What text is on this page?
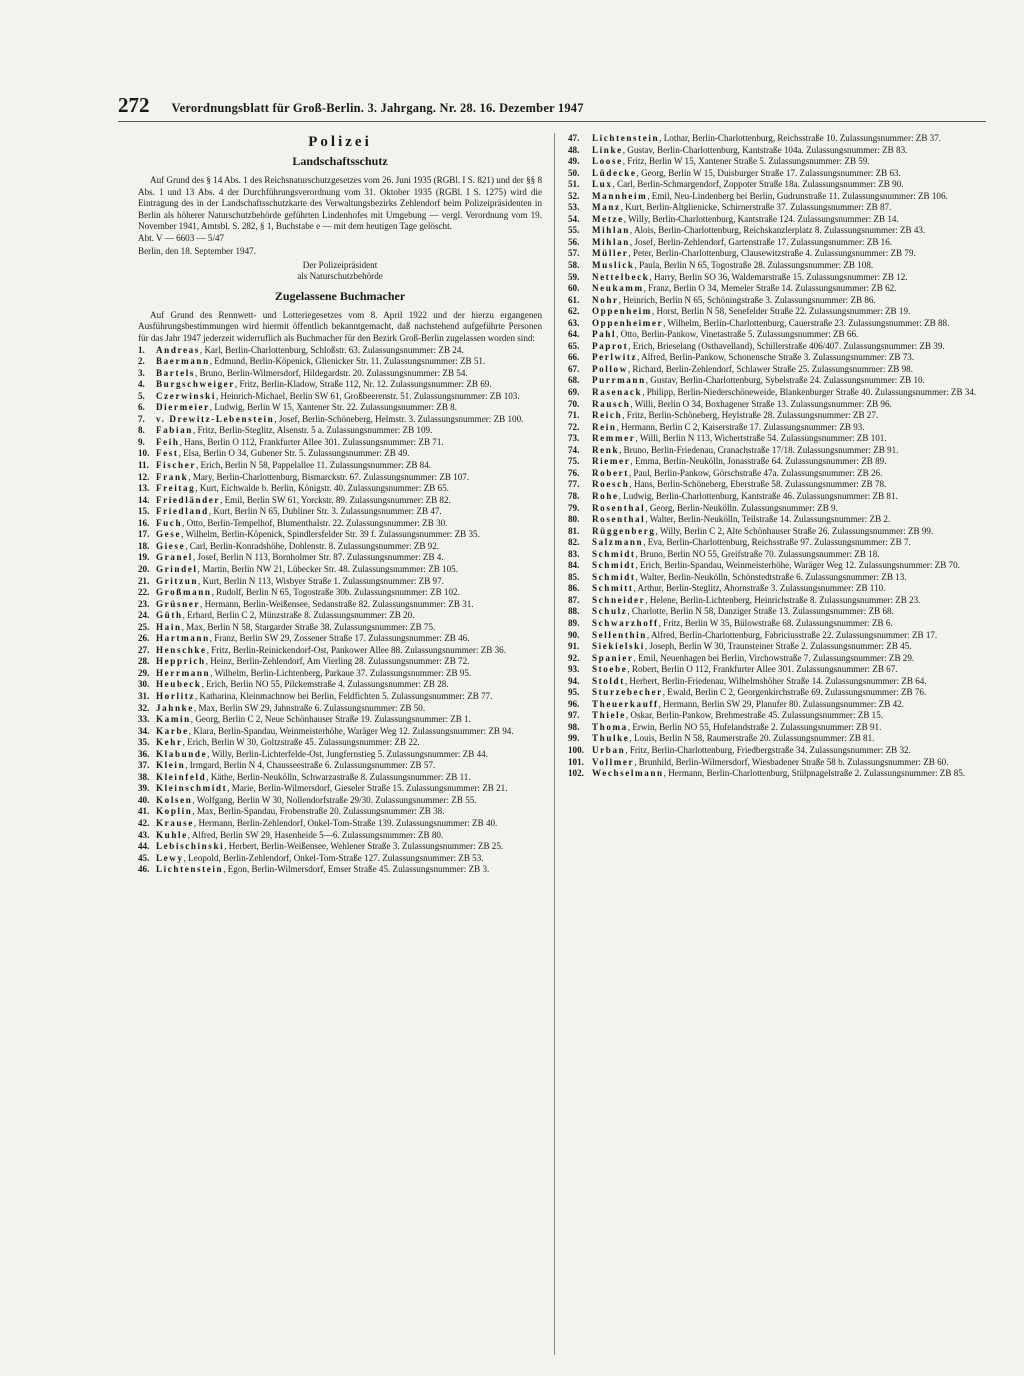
272 Verordnungsblatt für Groß-Berlin. 3. Jahrgang. Nr. 28. 16. Dezember 1947
Polizei
Landschaftsschutz

Auf Grund des § 14 Abs. 1 des Reichsnaturschutzgesetzes vom 26. Juni 1935 (RGBl. I S. 821) und der §§ 8 Abs. 1 und 13 Abs. 4 der Durchführungsverordnung vom 31. Oktober 1935 (RGBl. I S. 1275) wird die Eintragung des in der Landschaftsschutzkarte des Verwaltungsbezirks Zehlendorf beim Polizeipräsidenten in Berlin als höherer Naturschutzbehörde geführten Lindenhofes mit Umgebung — vergl. Verordnung vom 19. November 1941, Amtsbl. S. 282, § 1, Buchstabe e — mit dem heutigen Tage gelöscht.

Abt. V — 6603 — 5/47

Berlin, den 18. September 1947.

Der Polizeipräsident
als Naturschutzbehörde
Zugelassene Buchmacher

Auf Grund des Rennwett- und Lotteriegesetzes vom 8. April 1922 und der hierzu ergangenen Ausführungsbestimmungen wird hiermit öffentlich bekanntgemacht, daß nachstehend aufgeführte Personen für das Jahr 1947 jederzeit widerruflich als Buchmacher für den Bezirk Groß-Berlin zugelassen worden sind:

1. Andreas, Karl, Berlin-Charlottenburg, Schloßstr. 63. Zulassungsnummer: ZB 24.
2. Baermann, Edmund, Berlin-Köpenick, Glienicker Str. 11. Zulassungsnummer: ZB 51.
3. Bartels, Bruno, Berlin-Wilmersdorf, Hildegardstr. 20. Zulassungsnummer: ZB 54.
4. Burgschweiger, Fritz, Berlin-Kladow, Straße 112, Nr. 12. Zulassungsnummer: ZB 69.
5. Czerwinski, Heinrich-Michael, Berlin SW 61, Großbeerenstr. 51. Zulassungsnummer: ZB 103.
6. Diermeier, Ludwig, Berlin W 15, Xantener Str. 22. Zulassungsnummer: ZB 8.
7. v. Drewitz-Lebenstein, Josef, Berlin-Schöneberg, Helmstr. 3. Zulassungsnummer: ZB 100.
8. Fabian, Fritz, Berlin-Steglitz, Alsenstr. 5 a. Zulassungsnummer: ZB 109.
9. Feih, Hans, Berlin O 112, Frankfurter Allee 301. Zulassungsnummer: ZB 71.
10. Fest, Elsa, Berlin O 34, Gubener Str. 5. Zulassungsnummer: ZB 49.
11. Fischer, Erich, Berlin N 58, Pappelallee 11. Zulassungsnummer: ZB 84.
12. Frank, Mary, Berlin-Charlottenburg, Bismarckstr. 67. Zulassungsnummer: ZB 107.
13. Freitag, Kurt, Eichwalde b. Berlin, Königstr. 40. Zulassungsnummer: ZB 65.
14. Friedländer, Emil, Berlin SW 61, Yorckstr. 89. Zulassungsnummer: ZB 82.
15. Friedland, Kurt, Berlin N 65, Dubliner Str. 3. Zulassungsnummer: ZB 47.
16. Fuch, Otto, Berlin-Tempelhof, Blumenthalstr. 22. Zulassungsnummer: ZB 30.
17. Gese, Wilhelm, Berlin-Köpenick, Spindlersfelder Str. 39 f. Zulassungsnummer: ZB 35.
18. Giese, Carl, Berlin-Konradshöhe, Dohlenstr. 8. Zulassungsnummer: ZB 92.
19. Granel, Josef, Berlin N 113, Bornholmer Str. 87. Zulassungsnummer: ZB 4.
20. Grindel, Martin, Berlin NW 21, Lübecker Str. 48. Zulassungsnummer: ZB 105.
21. Gritzun, Kurt, Berlin N 113, Wisbyer Straße 1. Zulassungsnummer: ZB 97.
22. Großmann, Rudolf, Berlin N 65, Togostraße 30b. Zulassungsnummer: ZB 102.
23. Grüsner, Hermann, Berlin-Weißensee, Sedanstraße 82. Zulassungsnummer: ZB 31.
24. Güth, Erhard, Berlin C 2, Münzstraße 8. Zulassungsnummer: ZB 20.
25. Hain, Max, Berlin N 58, Stargarder Straße 38. Zulassungsnummer: ZB 75.
26. Hartmann, Franz, Berlin SW 29, Zossener Straße 17. Zulassungsnummer: ZB 46.
27. Henschke, Fritz, Berlin-Reinickendorf-Ost, Pankower Allee 88. Zulassungsnummer: ZB 36.
28. Hepprich, Heinz, Berlin-Zehlendorf, Am Vierling 28. Zulassungsnummer: ZB 72.
29. Herrmann, Wilhelm, Berlin-Lichtenberg, Parkaue 37. Zulassungsnummer: ZB 95.
30. Heubeck, Erich, Berlin NO 55, Pilckemstraße 4. Zulassungsnummer: ZB 28.
31. Horlitz, Katharina, Kleinmachnow bei Berlin, Feldfichten 5. Zulassungsnummer: ZB 77.
32. Jahnke, Max, Berlin SW 29, Jahnstraße 6. Zulassungsnummer: ZB 50.
33. Kamin, Georg, Berlin C 2, Neue Schönhauser Straße 19. Zulassungsnummer: ZB 1.
34. Karbe, Klara, Berlin-Spandau, Weinmeisterhöhe, Waräger Weg 12. Zulassungsnummer: ZB 94.
35. Kehr, Erich, Berlin W 30, Goltzstraße 45. Zulassungsnummer: ZB 22.
36. Klabunde, Willy, Berlin-Lichterfelde-Ost, Jungfernstieg 5. Zulassungsnummer: ZB 44.
37. Klein, Irmgard, Berlin N 4, Chausseestraße 6. Zulassungsnummer: ZB 57.
38. Kleinfeld, Käthe, Berlin-Neukölln, Schwarzastraße 8. Zulassungsnummer: ZB 11.
39. Kleinschmidt, Marie, Berlin-Wilmersdorf, Gieseler Straße 15. Zulassungsnummer: ZB 21.
40. Kolsen, Wolfgang, Berlin W 30, Nollendorfstraße 29/30. Zulassungsnummer: ZB 55.
41. Koplin, Max, Berlin-Spandau, Frobenstraße 20. Zulassungsnummer: ZB 38.
42. Krause, Hermann, Berlin-Zehlendorf, Onkel-Tom-Straße 139. Zulassungsnummer: ZB 40.
43. Kuhle, Alfred, Berlin SW 29, Hasenheide 5—6. Zulassungsnummer: ZB 80.
44. Lebischinski, Herbert, Berlin-Weißensee, Wehlener Straße 3. Zulassungsnummer: ZB 25.
45. Lewy, Leopold, Berlin-Zehlendorf, Onkel-Tom-Straße 127. Zulassungsnummer: ZB 53.
46. Lichtenstein, Egon, Berlin-Wilmersdorf, Emser Straße 45. Zulassungsnummer: ZB 3.
47. Lichtenstein, Lothar, Berlin-Charlottenburg, Reichsstraße 10. Zulassungsnummer: ZB 37.
48. Linke, Gustav, Berlin-Charlottenburg, Kantstraße 104a. Zulassungsnummer: ZB 83.
49. Loose, Fritz, Berlin W 15, Xantener Straße 5. Zulassungsnummer: ZB 59.
50. Lüdecke, Georg, Berlin W 15, Duisburger Straße 17. Zulassungsnummer: ZB 63.
51. Lux, Carl, Berlin-Schmargendorf, Zoppoter Straße 18a. Zulassungsnummer: ZB 90.
52. Mannheim, Emil, Neu-Lindenberg bei Berlin, Gudrunstraße 11. Zulassungsnummer: ZB 106.
53. Manz, Kurt, Berlin-Altglienicke, Schirnerstraße 37. Zulassungsnummer: ZB 87.
54. Metze, Willy, Berlin-Charlottenburg, Kantstraße 124. Zulassungsnummer: ZB 14.
55. Mihlan, Alois, Berlin-Charlottenburg, Reichskanzlerplatz 8. Zulassungsnummer: ZB 43.
56. Mihlan, Josef, Berlin-Zehlendorf, Gartenstraße 17. Zulassungsnummer: ZB 16.
57. Müller, Peter, Berlin-Charlottenburg, Clausewitzstraße 4. Zulassungsnummer: ZB 79.
58. Muslick, Paula, Berlin N 65, Togostraße 28. Zulassungsnummer: ZB 108.
59. Nettelbeck, Harry, Berlin SO 36, Waldemarstraße 15. Zulassungsnummer: ZB 12.
60. Neukamm, Franz, Berlin O 34, Memeler Straße 14. Zulassungsnummer: ZB 62.
61. Nohr, Heinrich, Berlin N 65, Schöningstraße 3. Zulassungsnummer: ZB 86.
62. Oppenheim, Horst, Berlin N 58, Senefelder Straße 22. Zulassungsnummer: ZB 19.
63. Oppenheimer, Wilhelm, Berlin-Charlottenburg, Cauerstraße 23. Zulassungsnummer: ZB 88.
64. Pahl, Otto, Berlin-Pankow, Vinetastraße 5. Zulassungsnummer: ZB 66.
65. Paprot, Erich, Brieselang (Osthavelland), Schillerstraße 406/407. Zulassungsnummer: ZB 39.
66. Perlwitz, Alfred, Berlin-Pankow, Schonensche Straße 3. Zulassungsnummer: ZB 73.
67. Pollow, Richard, Berlin-Zehlendorf, Schlawer Straße 25. Zulassungsnummer: ZB 98.
68. Purrmann, Gustav, Berlin-Charlottenburg, Sybelstraße 24. Zulassungsnummer: ZB 10.
69. Rasenack, Philipp, Berlin-Niederschöneweide, Blankenburger Straße 40. Zulassungsnummer: ZB 34.
70. Rausch, Willi, Berlin O 34, Boxhagener Straße 13. Zulassungsnummer: ZB 96.
71. Reich, Fritz, Berlin-Schöneberg, Heylstraße 28. Zulassungsnummer: ZB 27.
72. Rein, Hermann, Berlin C 2, Kaiserstraße 17. Zulassungsnummer: ZB 93.
73. Remmer, Willi, Berlin N 113, Wichertstraße 54. Zulassungsnummer: ZB 101.
74. Renk, Bruno, Berlin-Friedenau, Cranachstraße 17/18. Zulassungsnummer: ZB 91.
75. Riemer, Emma, Berlin-Neukölln, Jonasstraße 64. Zulassungsnummer: ZB 89.
76. Robert, Paul, Berlin-Pankow, Görschstraße 47a. Zulassungsnummer: ZB 26.
77. Roesch, Hans, Berlin-Schöneberg, Eberstraße 58. Zulassungsnummer: ZB 78.
78. Rohe, Ludwig, Berlin-Charlottenburg, Kantstraße 46. Zulassungsnummer: ZB 81.
79. Rosenthal, Georg, Berlin-Neukölln. Zulassungsnummer: ZB 9.
80. Rosenthal, Walter, Berlin-Neukölln, Teilstraße 14. Zulassungsnummer: ZB 2.
81. Rüggenberg, Willy, Berlin C 2, Alte Schönhauser Straße 26. Zulassungsnummer: ZB 99.
82. Salzmann, Eva, Berlin-Charlottenburg, Reichsstraße 97. Zulassungsnummer: ZB 7.
83. Schmidt, Bruno, Berlin NO 55, Greifstraße 70. Zulassungsnummer: ZB 18.
84. Schmidt, Erich, Berlin-Spandau, Weinmeisterhöhe, Waräger Weg 12. Zulassungsnummer: ZB 70.
85. Schmidt, Walter, Berlin-Neukölln, Schönstedtstraße 6. Zulassungsnummer: ZB 13.
86. Schmitt, Arthur, Berlin-Steglitz, Ahornstraße 3. Zulassungsnummer: ZB 110.
87. Schneider, Helene, Berlin-Lichtenberg, Heinrichstraße 8. Zulassungsnummer: ZB 23.
88. Schulz, Charlotte, Berlin N 58, Danziger Straße 13. Zulassungsnummer: ZB 68.
89. Schwarzhoff, Fritz, Berlin W 35, Bülowstraße 68. Zulassungsnummer: ZB 6.
90. Sellenthin, Alfred, Berlin-Charlottenburg, Fabriciusstraße 22. Zulassungsnummer: ZB 17.
91. Siekielski, Joseph, Berlin W 30, Traunsteiner Straße 2. Zulassungsnummer: ZB 45.
92. Spanier, Emil, Neuenhagen bei Berlin, Virchowstraße 7. Zulassungsnummer: ZB 29.
93. Stoebe, Robert, Berlin O 112, Frankfurter Allee 301. Zulassungsnummer: ZB 67.
94. Stoldt, Herbert, Berlin-Friedenau, Wilhelmshöher Straße 14. Zulassungsnummer: ZB 64.
95. Sturzebecher, Ewald, Berlin C 2, Georgenkirchstraße 69. Zulassungsnummer: ZB 76.
96. Theuerkauff, Hermann, Berlin SW 29, Planufer 80. Zulassungsnummer: ZB 42.
97. Thiele, Oskar, Berlin-Pankow, Brehmestraße 45. Zulassungsnummer: ZB 15.
98. Thoma, Erwin, Berlin NO 55, Hufelandstraße 2. Zulassungsnummer: ZB 91.
99. Thulke, Louis, Berlin N 58, Raumerstraße 20. Zulassungsnummer: ZB 81.
100. Urban, Fritz, Berlin-Charlottenburg, Friedbergstraße 34. Zulassungsnummer: ZB 32.
101. Vollmer, Brunhild, Berlin-Wilmersdorf, Wiesbadener Straße 58 b. Zulassungsnummer: ZB 60.
102. Wechselmann, Hermann, Berlin-Charlottenburg, Stülpnagelstraße 2. Zulassungsnummer: ZB 85.
